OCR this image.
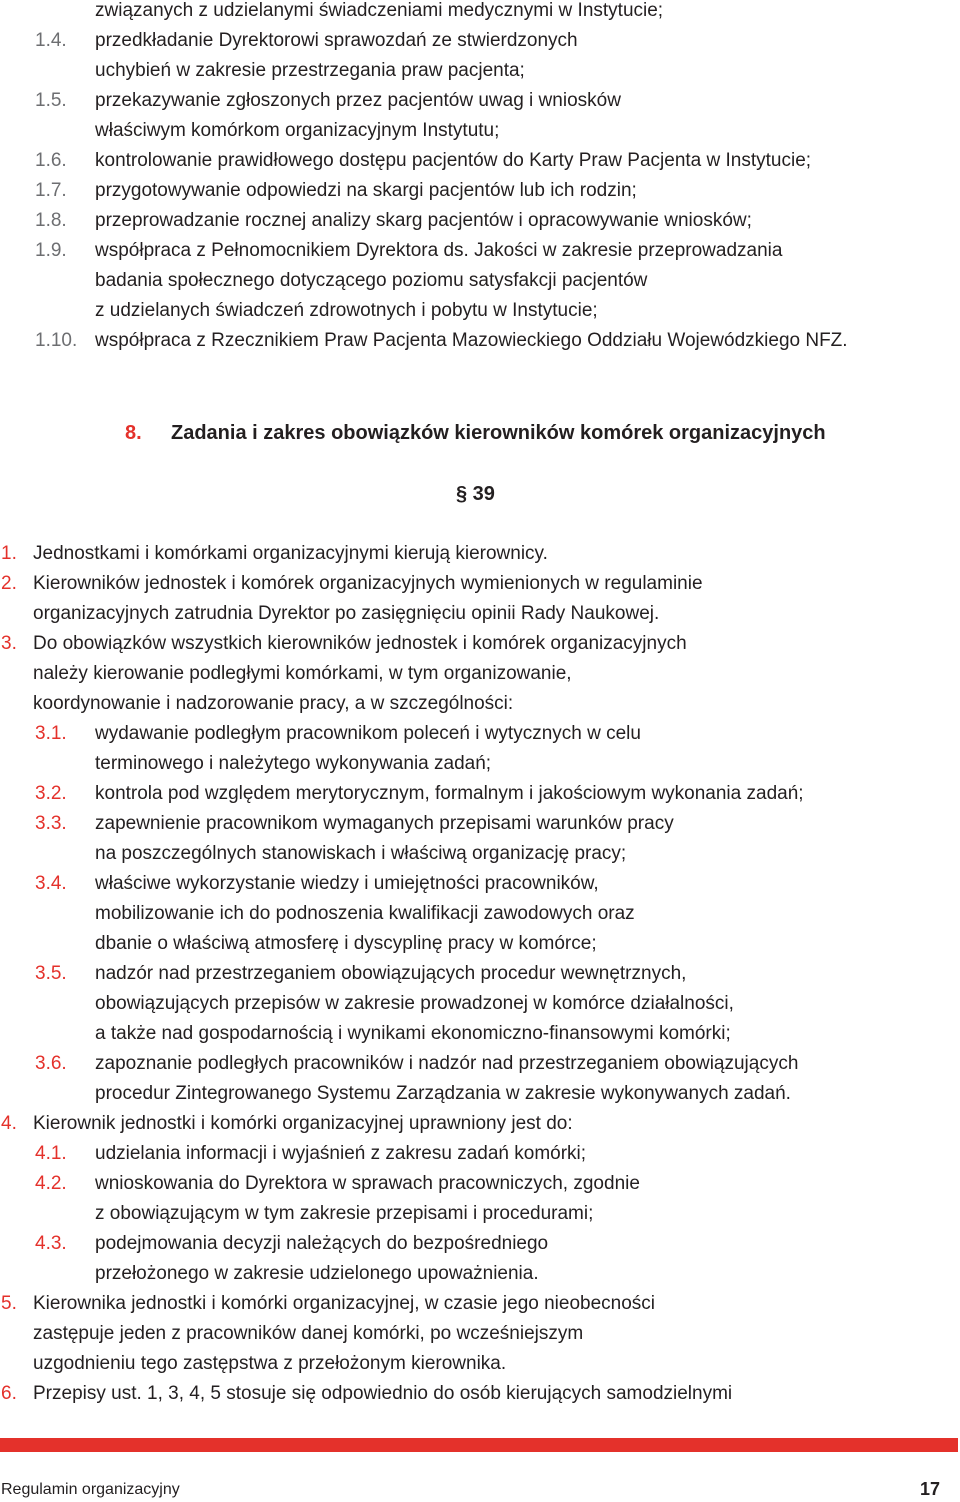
związanych z udzielanymi świadczeniami medycznymi w Instytucie;
1.4. przedkładanie Dyrektorowi sprawozdań ze stwierdzonych
uchybień w zakresie przestrzegania praw pacjenta;
1.5. przekazywanie zgłoszonych przez pacjentów uwag i wniosków
właściwym komórkom organizacyjnym Instytutu;
1.6. kontrolowanie prawidłowego dostępu pacjentów do Karty Praw Pacjenta w Instytucie;
1.7. przygotowywanie odpowiedzi na skargi pacjentów lub ich rodzin;
1.8. przeprowadzanie rocznej analizy skarg pacjentów i opracowywanie wniosków;
1.9. współpraca z Pełnomocnikiem Dyrektora ds. Jakości w zakresie przeprowadzania
badania społecznego dotyczącego poziomu satysfakcji pacjentów
z udzielanych świadczeń zdrowotnych i pobytu w Instytucie;
1.10. współpraca z Rzecznikiem Praw Pacjenta Mazowieckiego Oddziału Wojewódzkiego NFZ.
8. Zadania i zakres obowiązków kierowników komórek organizacyjnych
§ 39
1. Jednostkami i komórkami organizacyjnymi kierują kierownicy.
2. Kierowników jednostek i komórek organizacyjnych wymienionych w regulaminie
organizacyjnych zatrudnia Dyrektor po zasięgnięciu opinii Rady Naukowej.
3. Do obowiązków wszystkich kierowników jednostek i komórek organizacyjnych
należy kierowanie podległymi komórkami, w tym organizowanie,
koordynowanie i nadzorowanie pracy, a w szczególności:
3.1. wydawanie podległym pracownikom poleceń i wytycznych w celu
terminowego i należytego wykonywania zadań;
3.2. kontrola pod względem merytorycznym, formalnym i jakościowym wykonania zadań;
3.3. zapewnienie pracownikom wymaganych przepisami warunków pracy
na poszczególnych stanowiskach i właściwą organizację pracy;
3.4. właściwe wykorzystanie wiedzy i umiejętności pracowników,
mobilizowanie ich do podnoszenia kwalifikacji zawodowych oraz
dbanie o właściwą atmosferę i dyscyplinę pracy w komórce;
3.5. nadzór nad przestrzeganiem obowiązujących procedur wewnętrznych,
obowiązujących przepisów w zakresie prowadzonej w komórce działalności,
a także nad gospodarnością i wynikami ekonomiczno-finansowymi komórki;
3.6. zapoznanie podległych pracowników i nadzór nad przestrzeganiem obowiązujących
procedur Zintegrowanego Systemu Zarządzania w zakresie wykonywanych zadań.
4. Kierownik jednostki i komórki organizacyjnej uprawniony jest do:
4.1. udzielania informacji i wyjaśnień z zakresu zadań komórki;
4.2. wnioskowania do Dyrektora w sprawach pracowniczych, zgodnie
z obowiązującym w tym zakresie przepisami i procedurami;
4.3. podejmowania decyzji należących do bezpośredniego
przełożonego w zakresie udzielonego upoważnienia.
5. Kierownika jednostki i komórki organizacyjnej, w czasie jego nieobecności
zastępuje jeden z pracowników danej komórki, po wcześniejszym
uzgodnieniu tego zastępstwa z przełożonym kierownika.
6. Przepisy ust. 1, 3, 4, 5 stosuje się odpowiednio do osób kierujących samodzielnymi
Regulamin organizacyjny	17
